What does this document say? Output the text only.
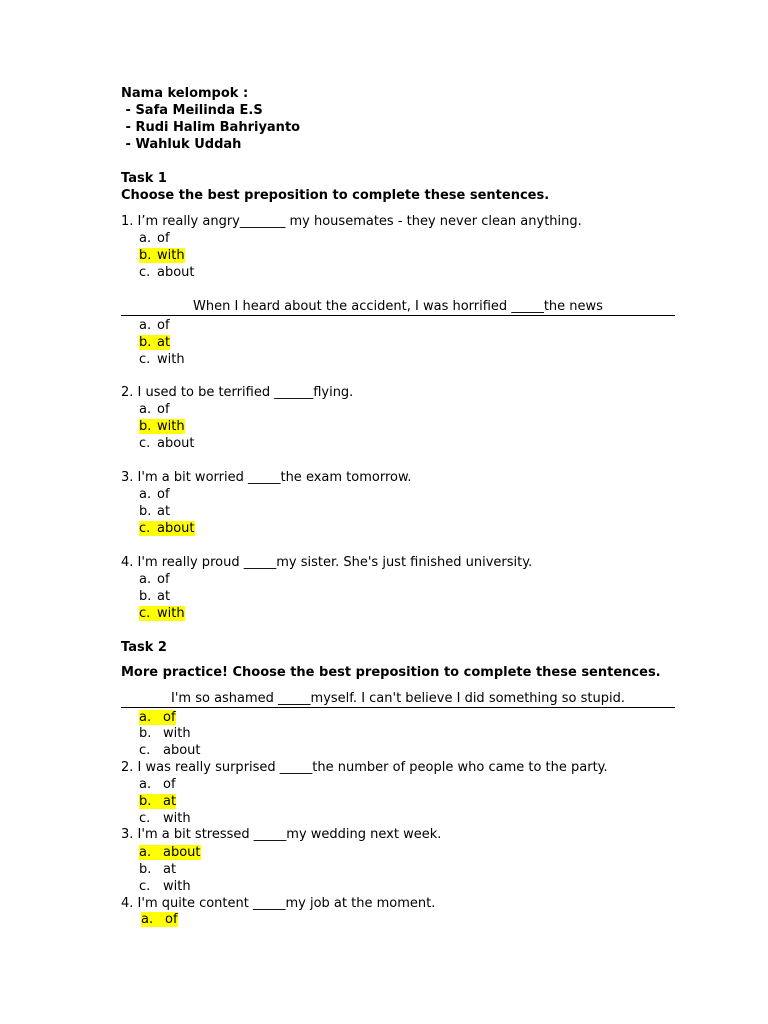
Nama kelompok :
- Safa Meilinda E.S
- Rudi Halim Bahriyanto
- Wahluk Uddah
Task 1
Choose the best preposition to complete these sentences.
1. I’m really angry_______ my housemates - they never clean anything.
a. of
b. with
c. about
When I heard about the accident, I was horrified _____the news
a. of
b. at
c. with
2. I used to be terrified ______flying.
a. of
b. with
c. about
3. I'm a bit worried _____the exam tomorrow.
a. of
b. at
c. about
4. I'm really proud _____my sister. She's just finished university.
a. of
b. at
c. with
Task 2
More practice! Choose the best preposition to complete these sentences.
I'm so ashamed _____myself. I can't believe I did something so stupid.
a. of
b. with
c. about
2. I was really surprised _____the number of people who came to the party.
a. of
b. at
c. with
3. I'm a bit stressed _____my wedding next week.
a. about
b. at
c. with
4. I'm quite content _____my job at the moment.
a. of
